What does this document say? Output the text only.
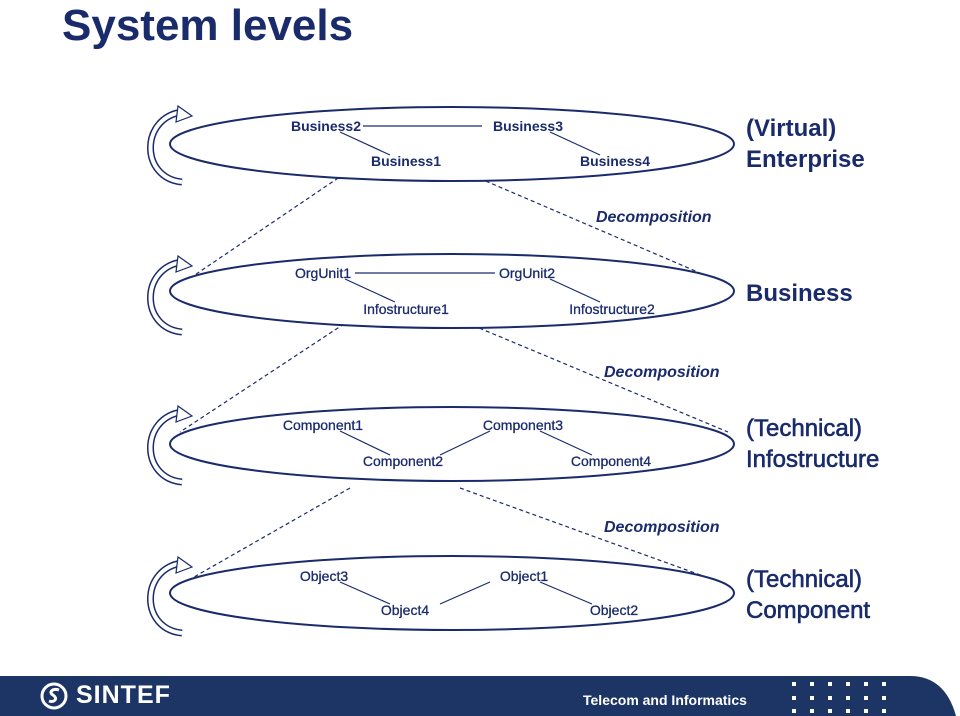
System levels
Business2	Business3
Business1	Business4
(Virtual)
Enterprise
Decomposition
OrgUnit1	OrgUnit2
Infostructure1	Infostructure2
Business
Decomposition
Component1	Component3
Component2	Component4
(Technical)
Infostructure
Decomposition
Object3	Object1
Object4	Object2
(Technical)
Component
SINTEF	Telecom and Informatics
